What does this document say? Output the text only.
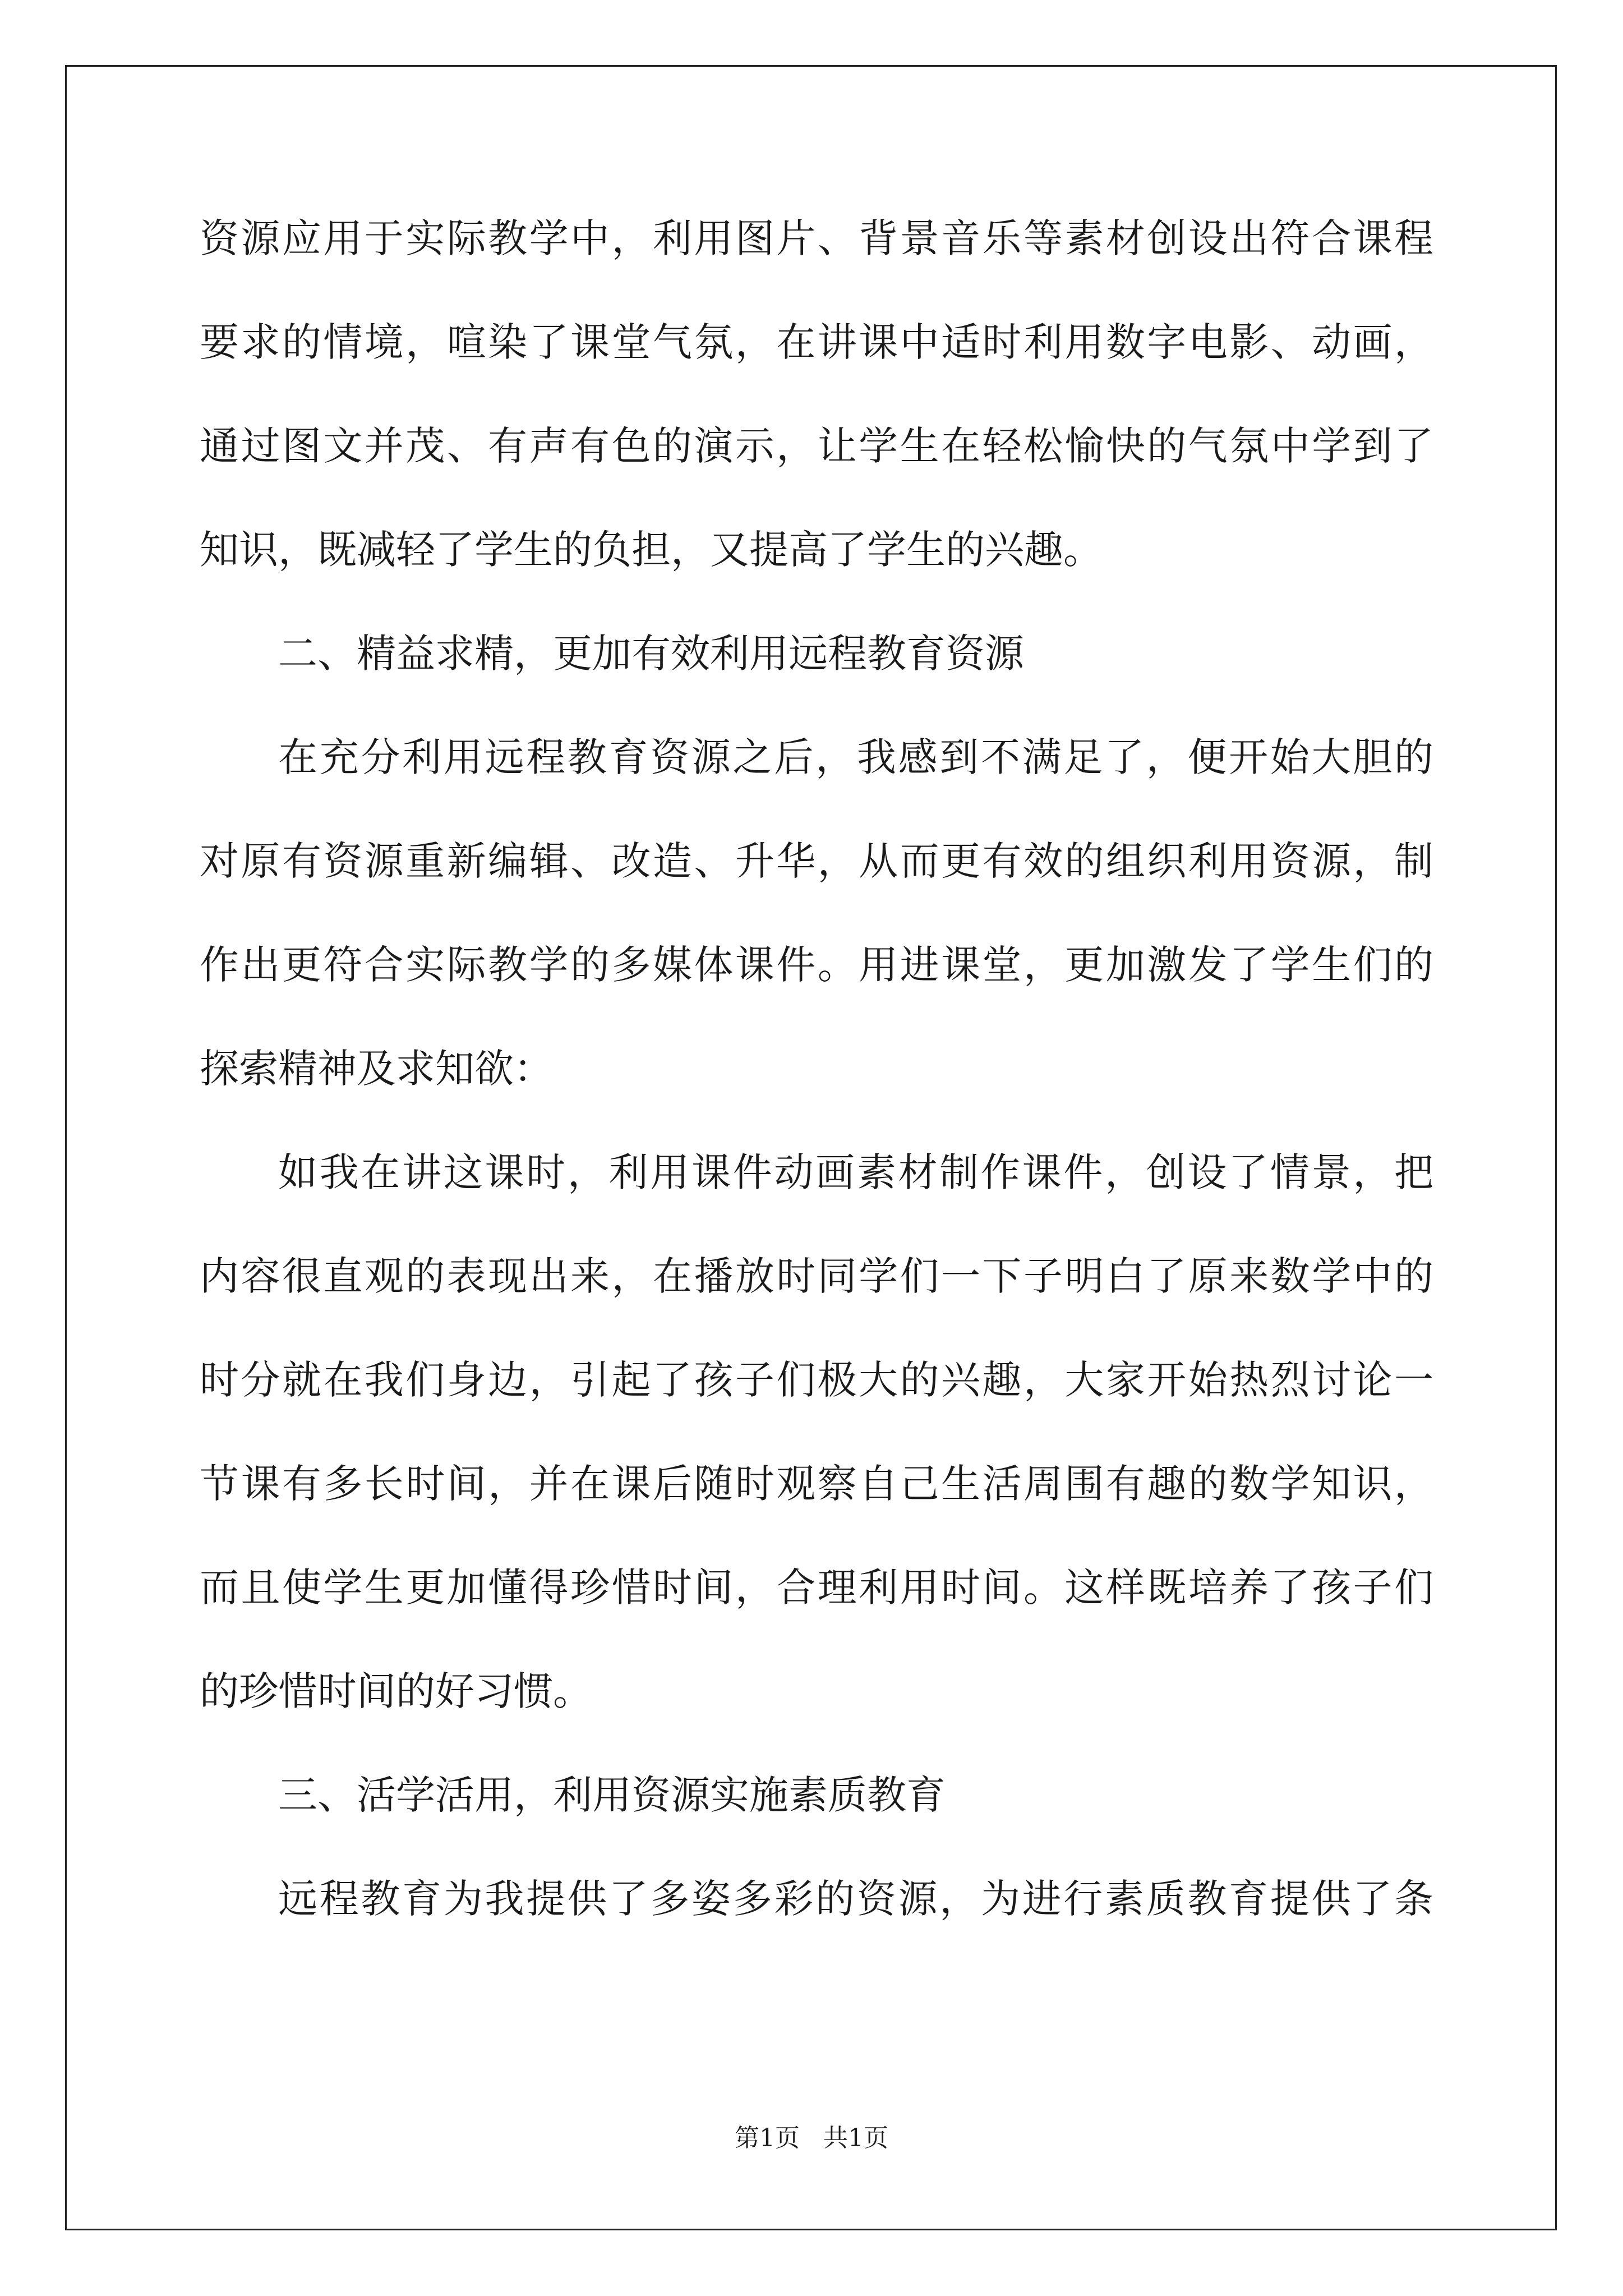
资源应用于实际教学中，利用图片、背景音乐等素材创设出符合课程
要求的情境，喧染了课堂气氛，在讲课中适时利用数字电影、动画，
通过图文并茂、有声有色的演示，让学生在轻松愉快的气氛中学到了
知识，既减轻了学生的负担，又提高了学生的兴趣。
二、精益求精，更加有效利用远程教育资源
在充分利用远程教育资源之后，我感到不满足了，便开始大胆的
对原有资源重新编辑、改造、升华，从而更有效的组织利用资源，制
作出更符合实际教学的多媒体课件。用进课堂，更加激发了学生们的
探索精神及求知欲：
如我在讲这课时，利用课件动画素材制作课件，创设了情景，把
内容很直观的表现出来，在播放时同学们一下子明白了原来数学中的
时分就在我们身边，引起了孩子们极大的兴趣，大家开始热烈讨论一
节课有多长时间，并在课后随时观察自己生活周围有趣的数学知识，
而且使学生更加懂得珍惜时间，合理利用时间。这样既培养了孩子们
的珍惜时间的好习惯。
三、活学活用，利用资源实施素质教育
远程教育为我提供了多姿多彩的资源，为进行素质教育提供了条
第1页   共1页
